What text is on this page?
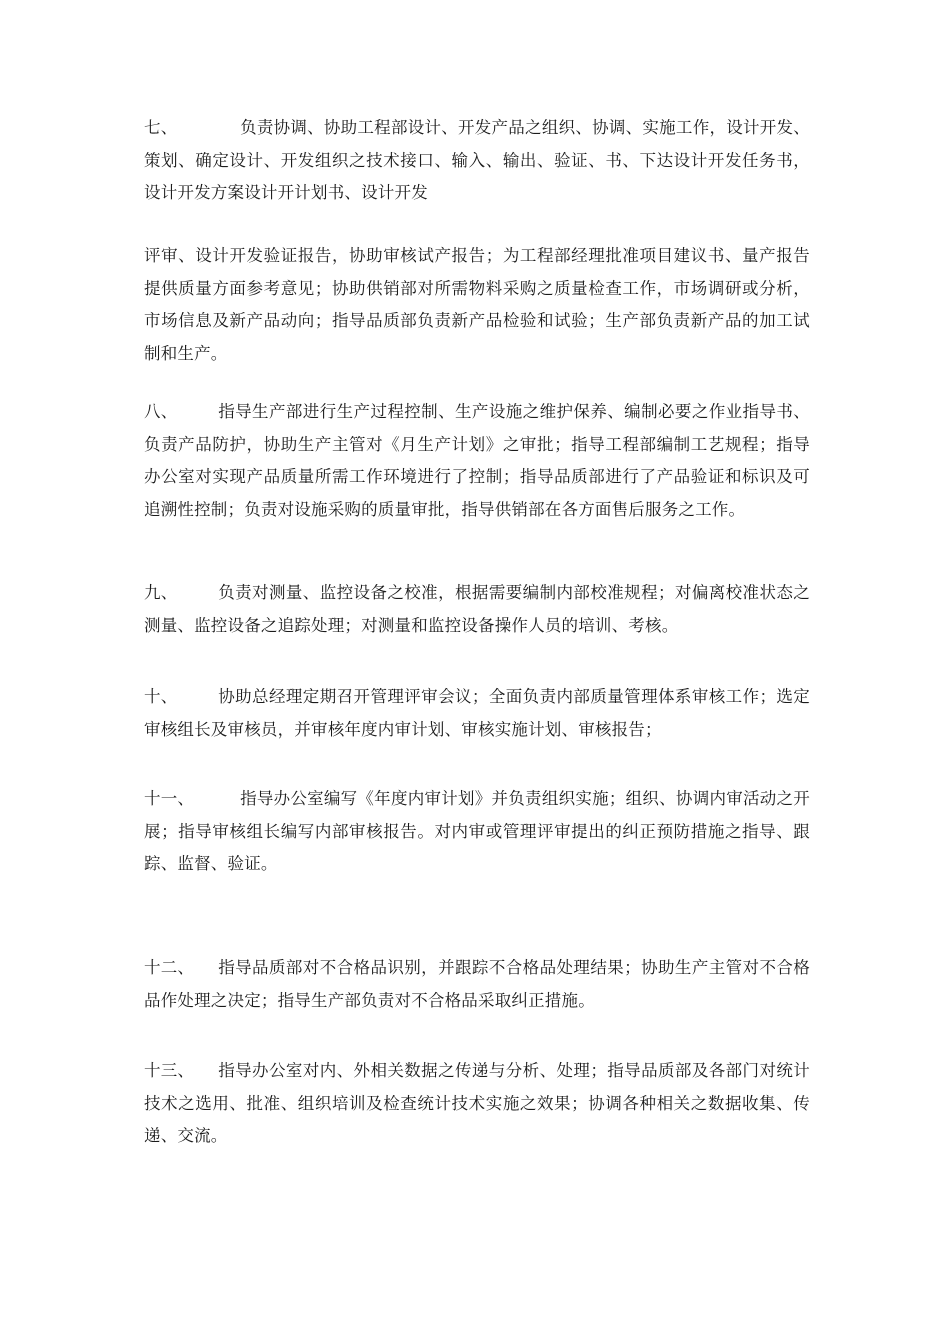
七、	负责协调、协助工程部设计、开发产品之组织、协调、实施工作，设计开发、策划、确定设计、开发组织之技术接口、输入、输出、验证、书、下达设计开发任务书，设计开发方案设计开计划书、设计开发

评审、设计开发验证报告，协助审核试产报告；为工程部经理批准项目建议书、量产报告提供质量方面参考意见；协助供销部对所需物料采购之质量检查工作，市场调研或分析，市场信息及新产品动向；指导品质部负责新产品检验和试验；生产部负责新产品的加工试制和生产。

八、 指导生产部进行生产过程控制、生产设施之维护保养、编制必要之作业指导书、负责产品防护，协助生产主管对《月生产计划》之审批；指导工程部编制工艺规程；指导办公室对实现产品质量所需工作环境进行了控制；指导品质部进行了产品验证和标识及可追溯性控制；负责对设施采购的质量审批，指导供销部在各方面售后服务之工作。

九、 负责对测量、监控设备之校准，根据需要编制内部校准规程；对偏离校准状态之测量、监控设备之追踪处理；对测量和监控设备操作人员的培训、考核。

十、 协助总经理定期召开管理评审会议；全面负责内部质量管理体系审核工作；选定审核组长及审核员，并审核年度内审计划、审核实施计划、审核报告；

十一、	指导办公室编写《年度内审计划》并负责组织实施；组织、协调内审活动之开展；指导审核组长编写内部审核报告。对内审或管理评审提出的纠正预防措施之指导、跟踪、监督、验证。

十二、 指导品质部对不合格品识别，并跟踪不合格品处理结果；协助生产主管对不合格品作处理之决定；指导生产部负责对不合格品采取纠正措施。

十三、 指导办公室对内、外相关数据之传递与分析、处理；指导品质部及各部门对统计技术之选用、批准、组织培训及检查统计技术实施之效果；协调各种相关之数据收集、传递、交流。
